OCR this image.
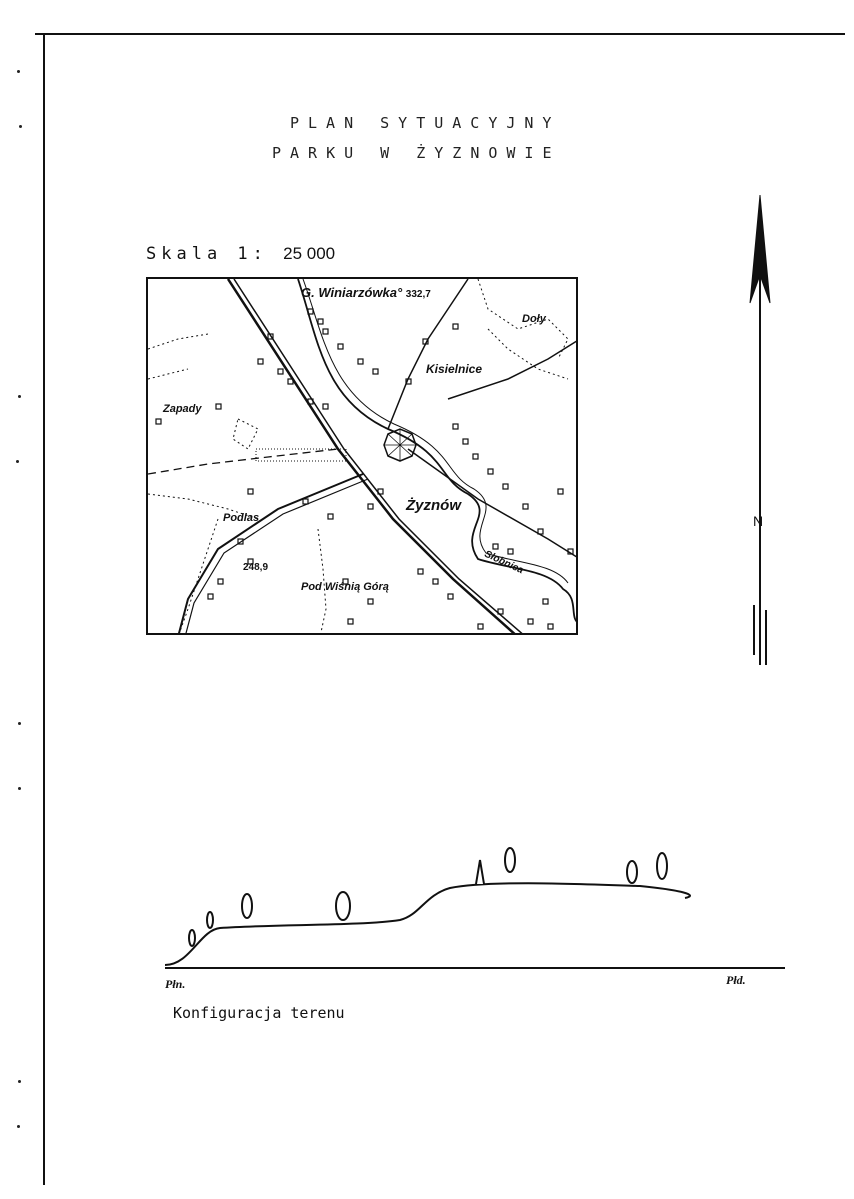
PLAN SYTUACYJNY
PARKU W ŻYZNOWIE
Skala 1: 25 000
G. Winiarzówka° 332,7
Doły
Kisielnice
Zapady
Żyznów
Podlas
248,9	Słobnica
Pod Wiśnią Górą
N
Płn.	Płd.
Konfiguracja terenu
